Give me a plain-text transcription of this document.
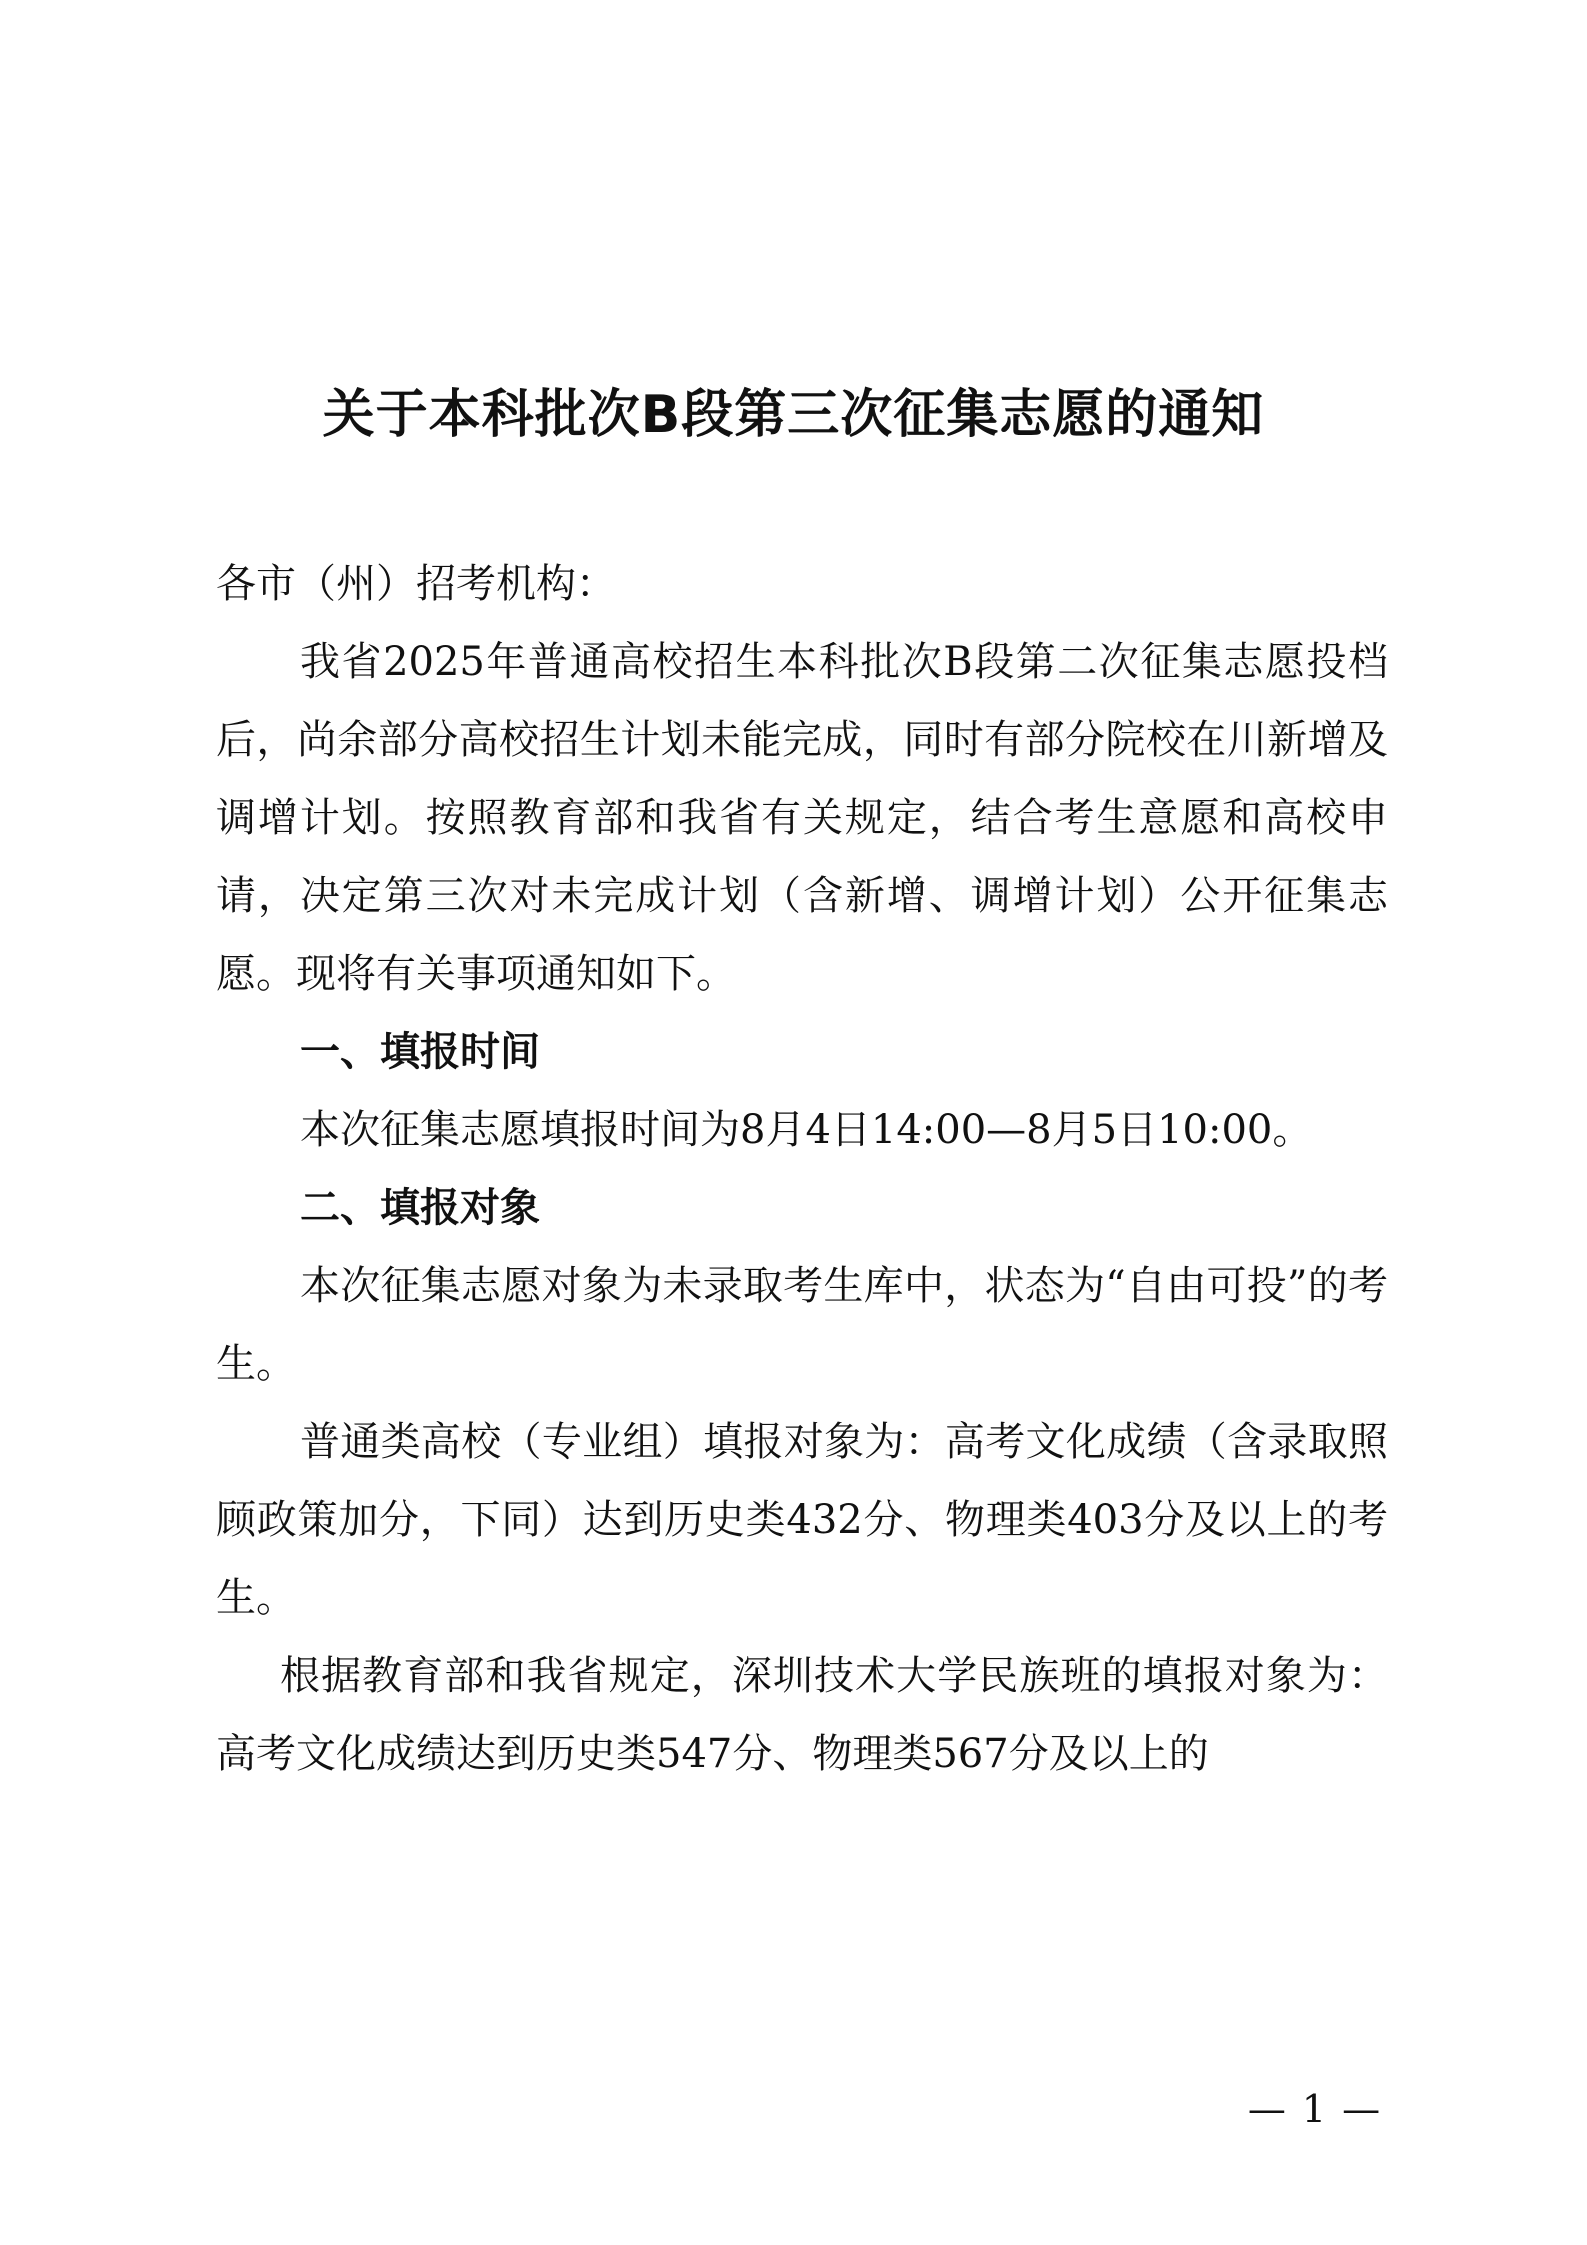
关于本科批次B段第三次征集志愿的通知

各市（州）招考机构：

我省2025年普通高校招生本科批次B段第二次征集志愿投档后，尚余部分高校招生计划未能完成，同时有部分院校在川新增及调增计划。按照教育部和我省有关规定，结合考生意愿和高校申请，决定第三次对未完成计划（含新增、调增计划）公开征集志愿。现将有关事项通知如下。

一、填报时间

本次征集志愿填报时间为8月4日14:00—8月5日10:00。

二、填报对象

本次征集志愿对象为未录取考生库中，状态为“自由可投”的考生。

普通类高校（专业组）填报对象为：高考文化成绩（含录取照顾政策加分，下同）达到历史类432分、物理类403分及以上的考生。

根据教育部和我省规定，深圳技术大学民族班的填报对象为：高考文化成绩达到历史类547分、物理类567分及以上的

— 1 —
